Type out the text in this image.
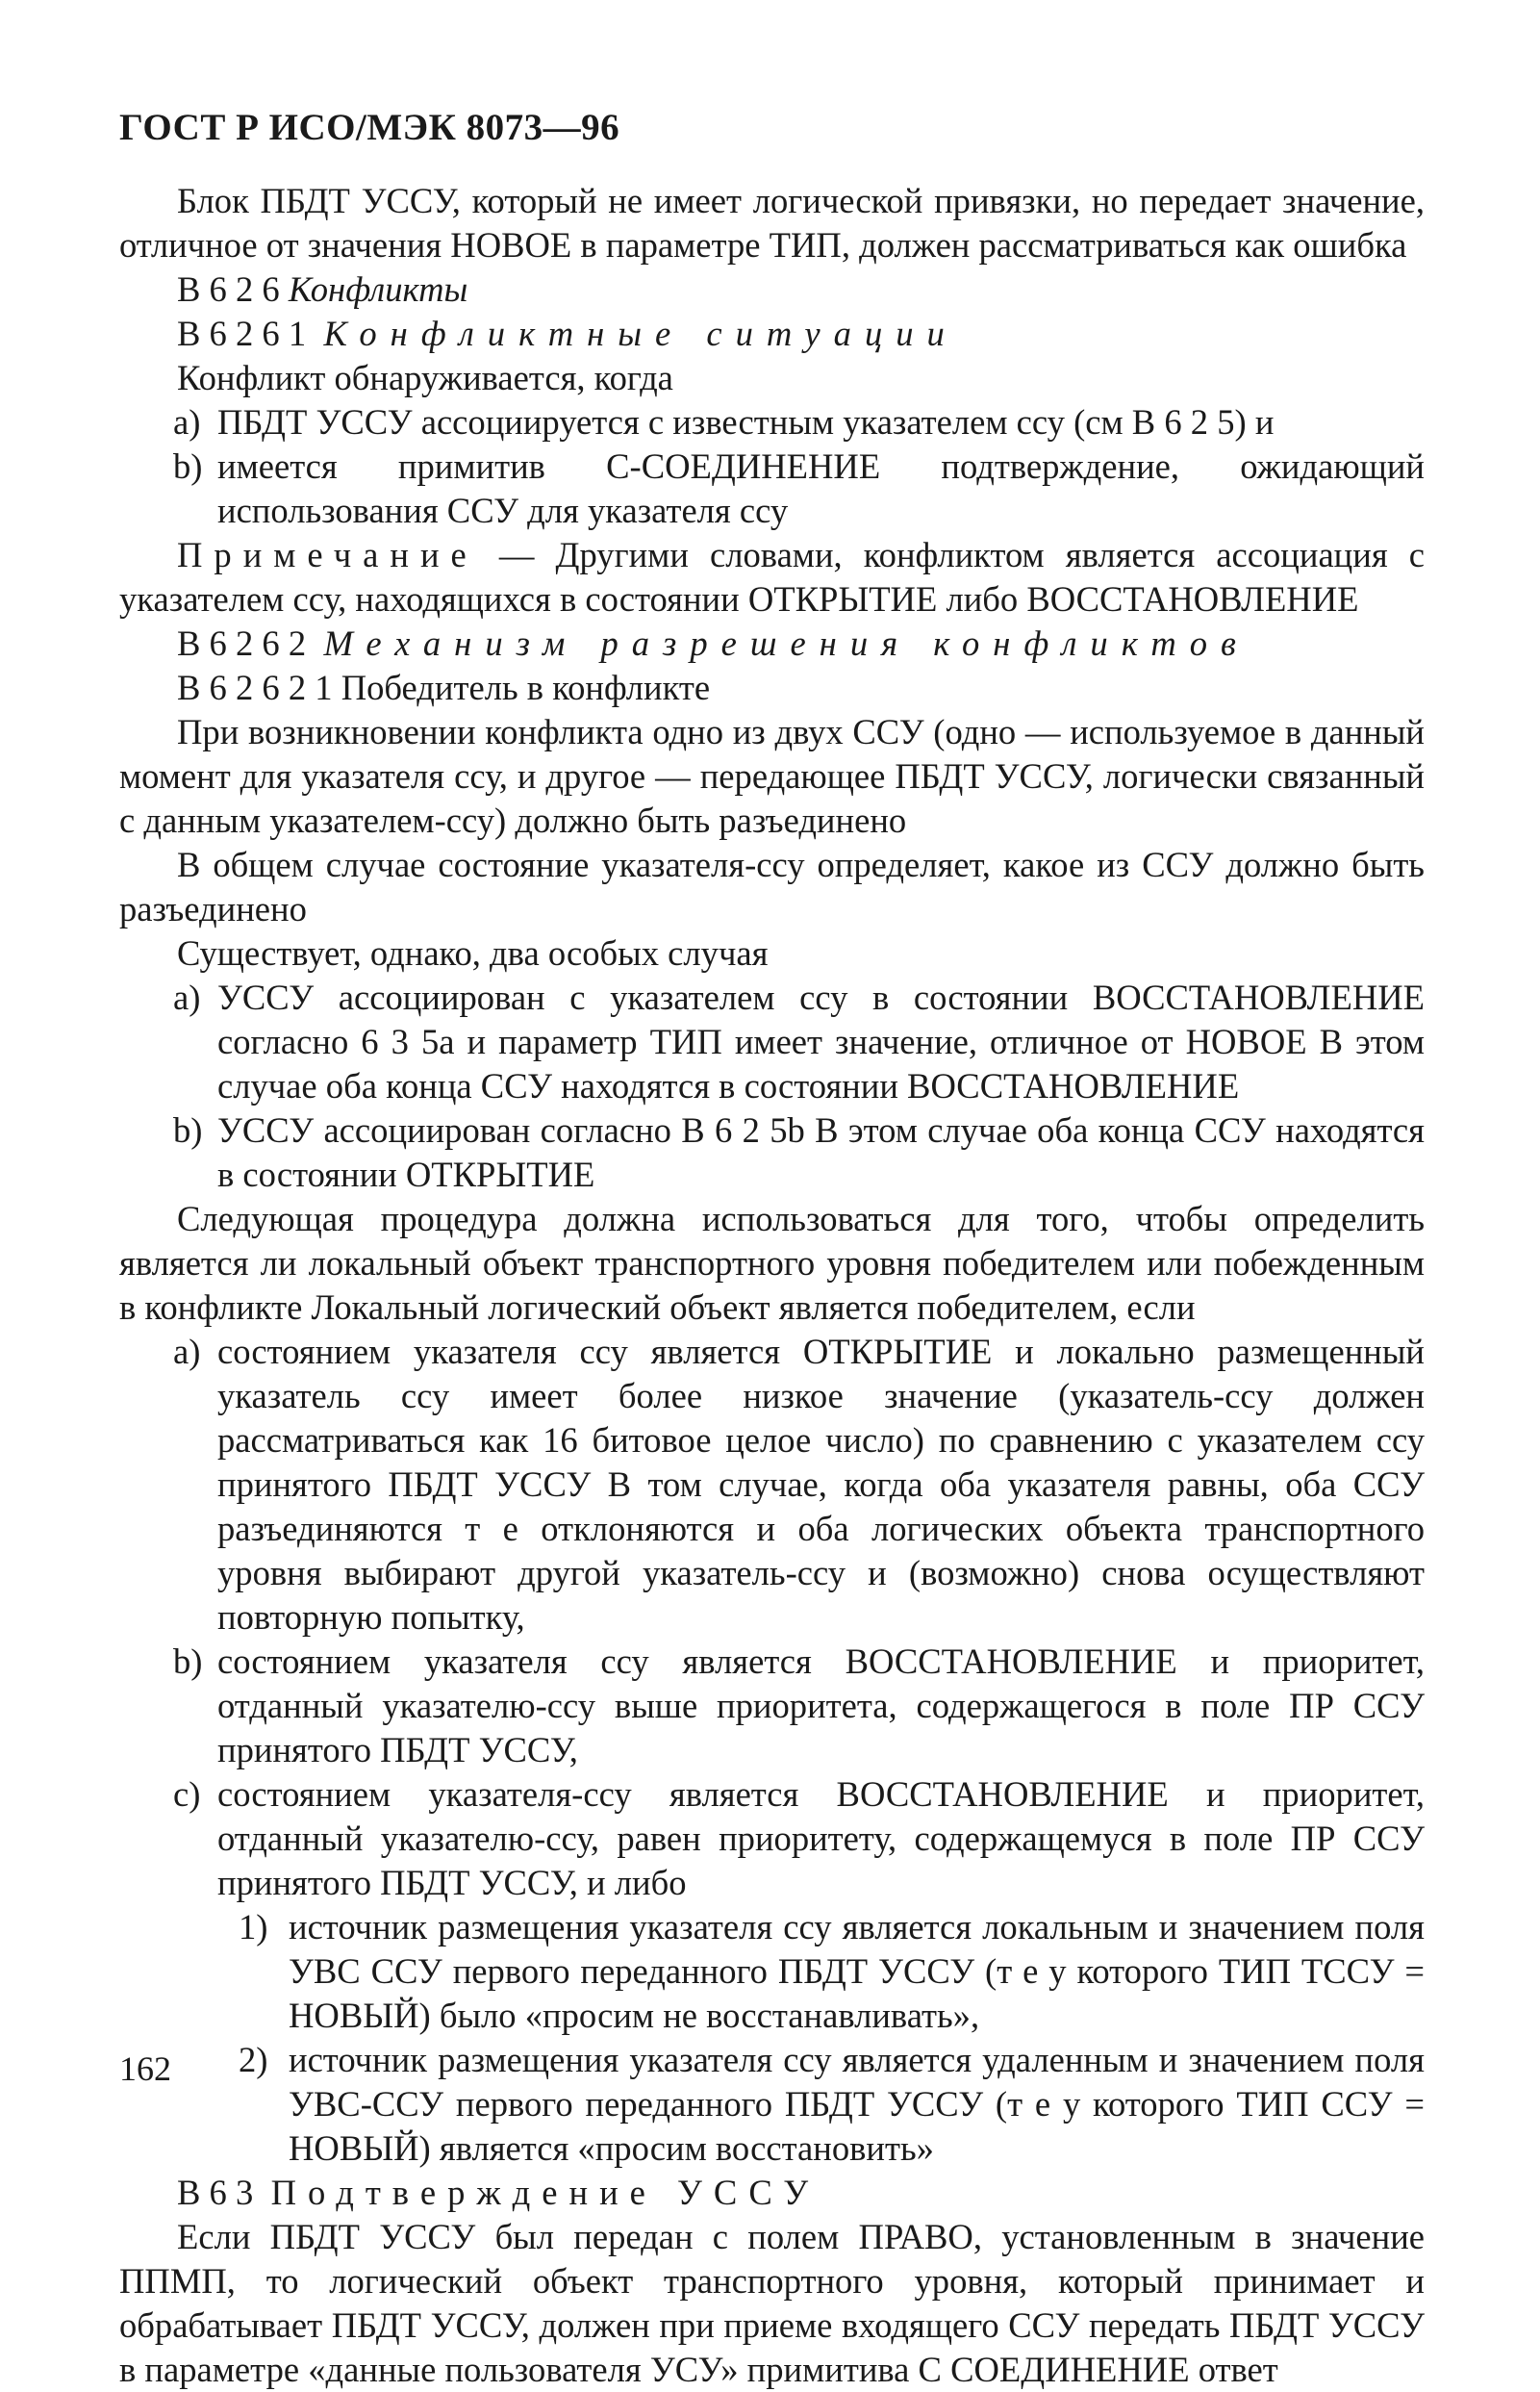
ГОСТ Р ИСО/МЭК 8073—96

Блок ПБДТ УССУ, который не имеет логической привязки, но передает значение, отличное от значения НОВОЕ в параметре ТИП, должен рассматриваться как ошибка

В 6 2 6 Конфликты

В 6 2 6 1 Конфликтные ситуации

Конфликт обнаруживается, когда

a) ПБДТ УССУ ассоциируется с известным указателем ссу (см В 6 2 5) и
b) имеется примитив С-СОЕДИНЕНИЕ подтверждение, ожидающий использования ССУ для указателя ссу

Примечание — Другими словами, конфликтом является ассоциация с указателем ссу, находящихся в состоянии ОТКРЫТИЕ либо ВОССТАНОВЛЕНИЕ

В 6 2 6 2 Механизм разрешения конфликтов

В 6 2 6 2 1 Победитель в конфликте

При возникновении конфликта одно из двух ССУ (одно — используемое в данный момент для указателя ссу, и другое — передающее ПБДТ УССУ, логически связанный с данным указателем-ссу) должно быть разъединено

В общем случае состояние указателя-ссу определяет, какое из ССУ должно быть разъединено

Существует, однако, два особых случая

a) УССУ ассоциирован с указателем ссу в состоянии ВОССТАНОВЛЕНИЕ согласно 6 3 5а и параметр ТИП имеет значение, отличное от НОВОЕ В этом случае оба конца ССУ находятся в состоянии ВОССТАНОВЛЕНИЕ
b) УССУ ассоциирован согласно В 6 2 5b В этом случае оба конца ССУ находятся в состоянии ОТКРЫТИЕ

Следующая процедура должна использоваться для того, чтобы определить является ли локальный объект транспортного уровня победителем или побежденным в конфликте Локальный логический объект является победителем, если

a) состоянием указателя ссу является ОТКРЫТИЕ и локально размещенный указатель ссу имеет более низкое значение (указатель-ссу должен рассматриваться как 16 битовое целое число) по сравнению с указателем ссу принятого ПБДТ УССУ В том случае, когда оба указателя равны, оба ССУ разъединяются т е отклоняются и оба логических объекта транспортного уровня выбирают другой указатель-ссу и (возможно) снова осуществляют повторную попытку,
b) состоянием указателя ссу является ВОССТАНОВЛЕНИЕ и приоритет, отданный указателю-ссу выше приоритета, содержащегося в поле ПР ССУ принятого ПБДТ УССУ,
c) состоянием указателя-ссу является ВОССТАНОВЛЕНИЕ и приоритет, отданный указателю-ссу, равен приоритету, содержащемуся в поле ПР ССУ принятого ПБДТ УССУ, и либо
1) источник размещения указателя ссу является локальным и значением поля УВС ССУ первого переданного ПБДТ УССУ (т е у которого ТИП ТССУ = НОВЫЙ) было «просим не восстанавливать»,
2) источник размещения указателя ссу является удаленным и значением поля УВС-ССУ первого переданного ПБДТ УССУ (т е у которого ТИП ССУ = НОВЫЙ) является «просим восстановить»

В 6 3 Подтверждение УССУ

Если ПБДТ УССУ был передан с полем ПРАВО, установленным в значение ППМП, то логический объект транспортного уровня, который принимает и обрабатывает ПБДТ УССУ, должен при приеме входящего ССУ передать ПБДТ УССУ в параметре «данные пользователя УСУ» примитива С СОЕДИНЕНИЕ ответ

162
